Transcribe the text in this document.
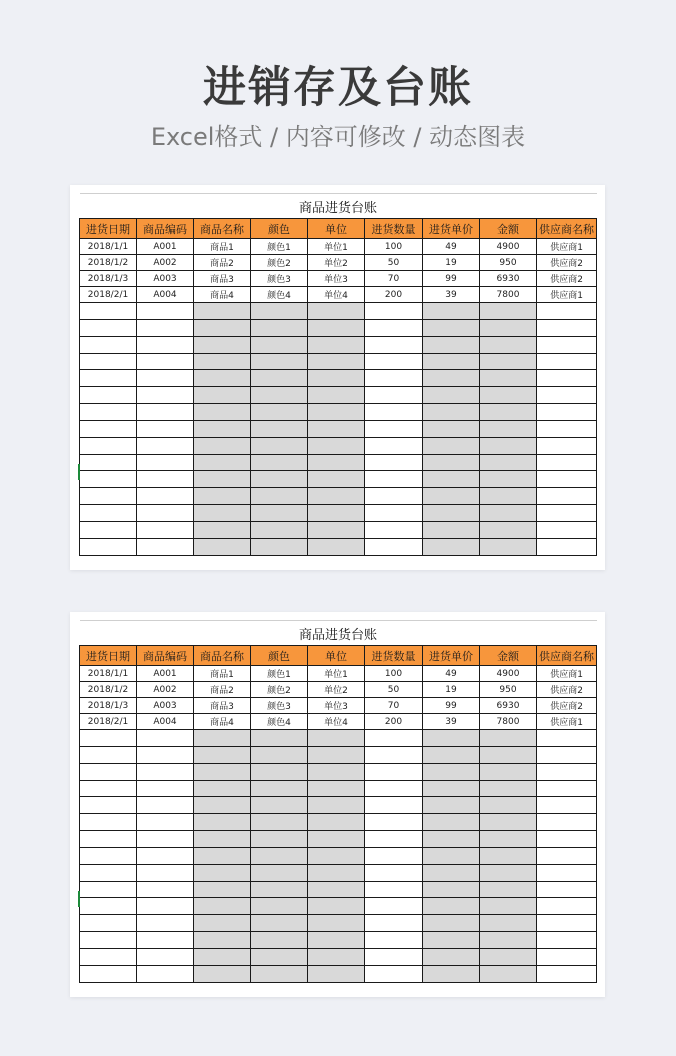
进销存及台账
Excel格式 / 内容可修改 / 动态图表
商品进货台账								
进货日期	商品编码	商品名称	颜色	单位	进货数量	进货单价	金额	供应商名称
2018/1/1	A001	商品1	颜色1	单位1	100	49	4900	供应商1
2018/1/2	A002	商品2	颜色2	单位2	50	19	950	供应商2
2018/1/3	A003	商品3	颜色3	单位3	70	99	6930	供应商2
2018/2/1	A004	商品4	颜色4	单位4	200	39	7800	供应商1

商品进货台账								
进货日期	商品编码	商品名称	颜色	单位	进货数量	进货单价	金额	供应商名称
2018/1/1	A001	商品1	颜色1	单位1	100	49	4900	供应商1
2018/1/2	A002	商品2	颜色2	单位2	50	19	950	供应商2
2018/1/3	A003	商品3	颜色3	单位3	70	99	6930	供应商2
2018/2/1	A004	商品4	颜色4	单位4	200	39	7800	供应商1
